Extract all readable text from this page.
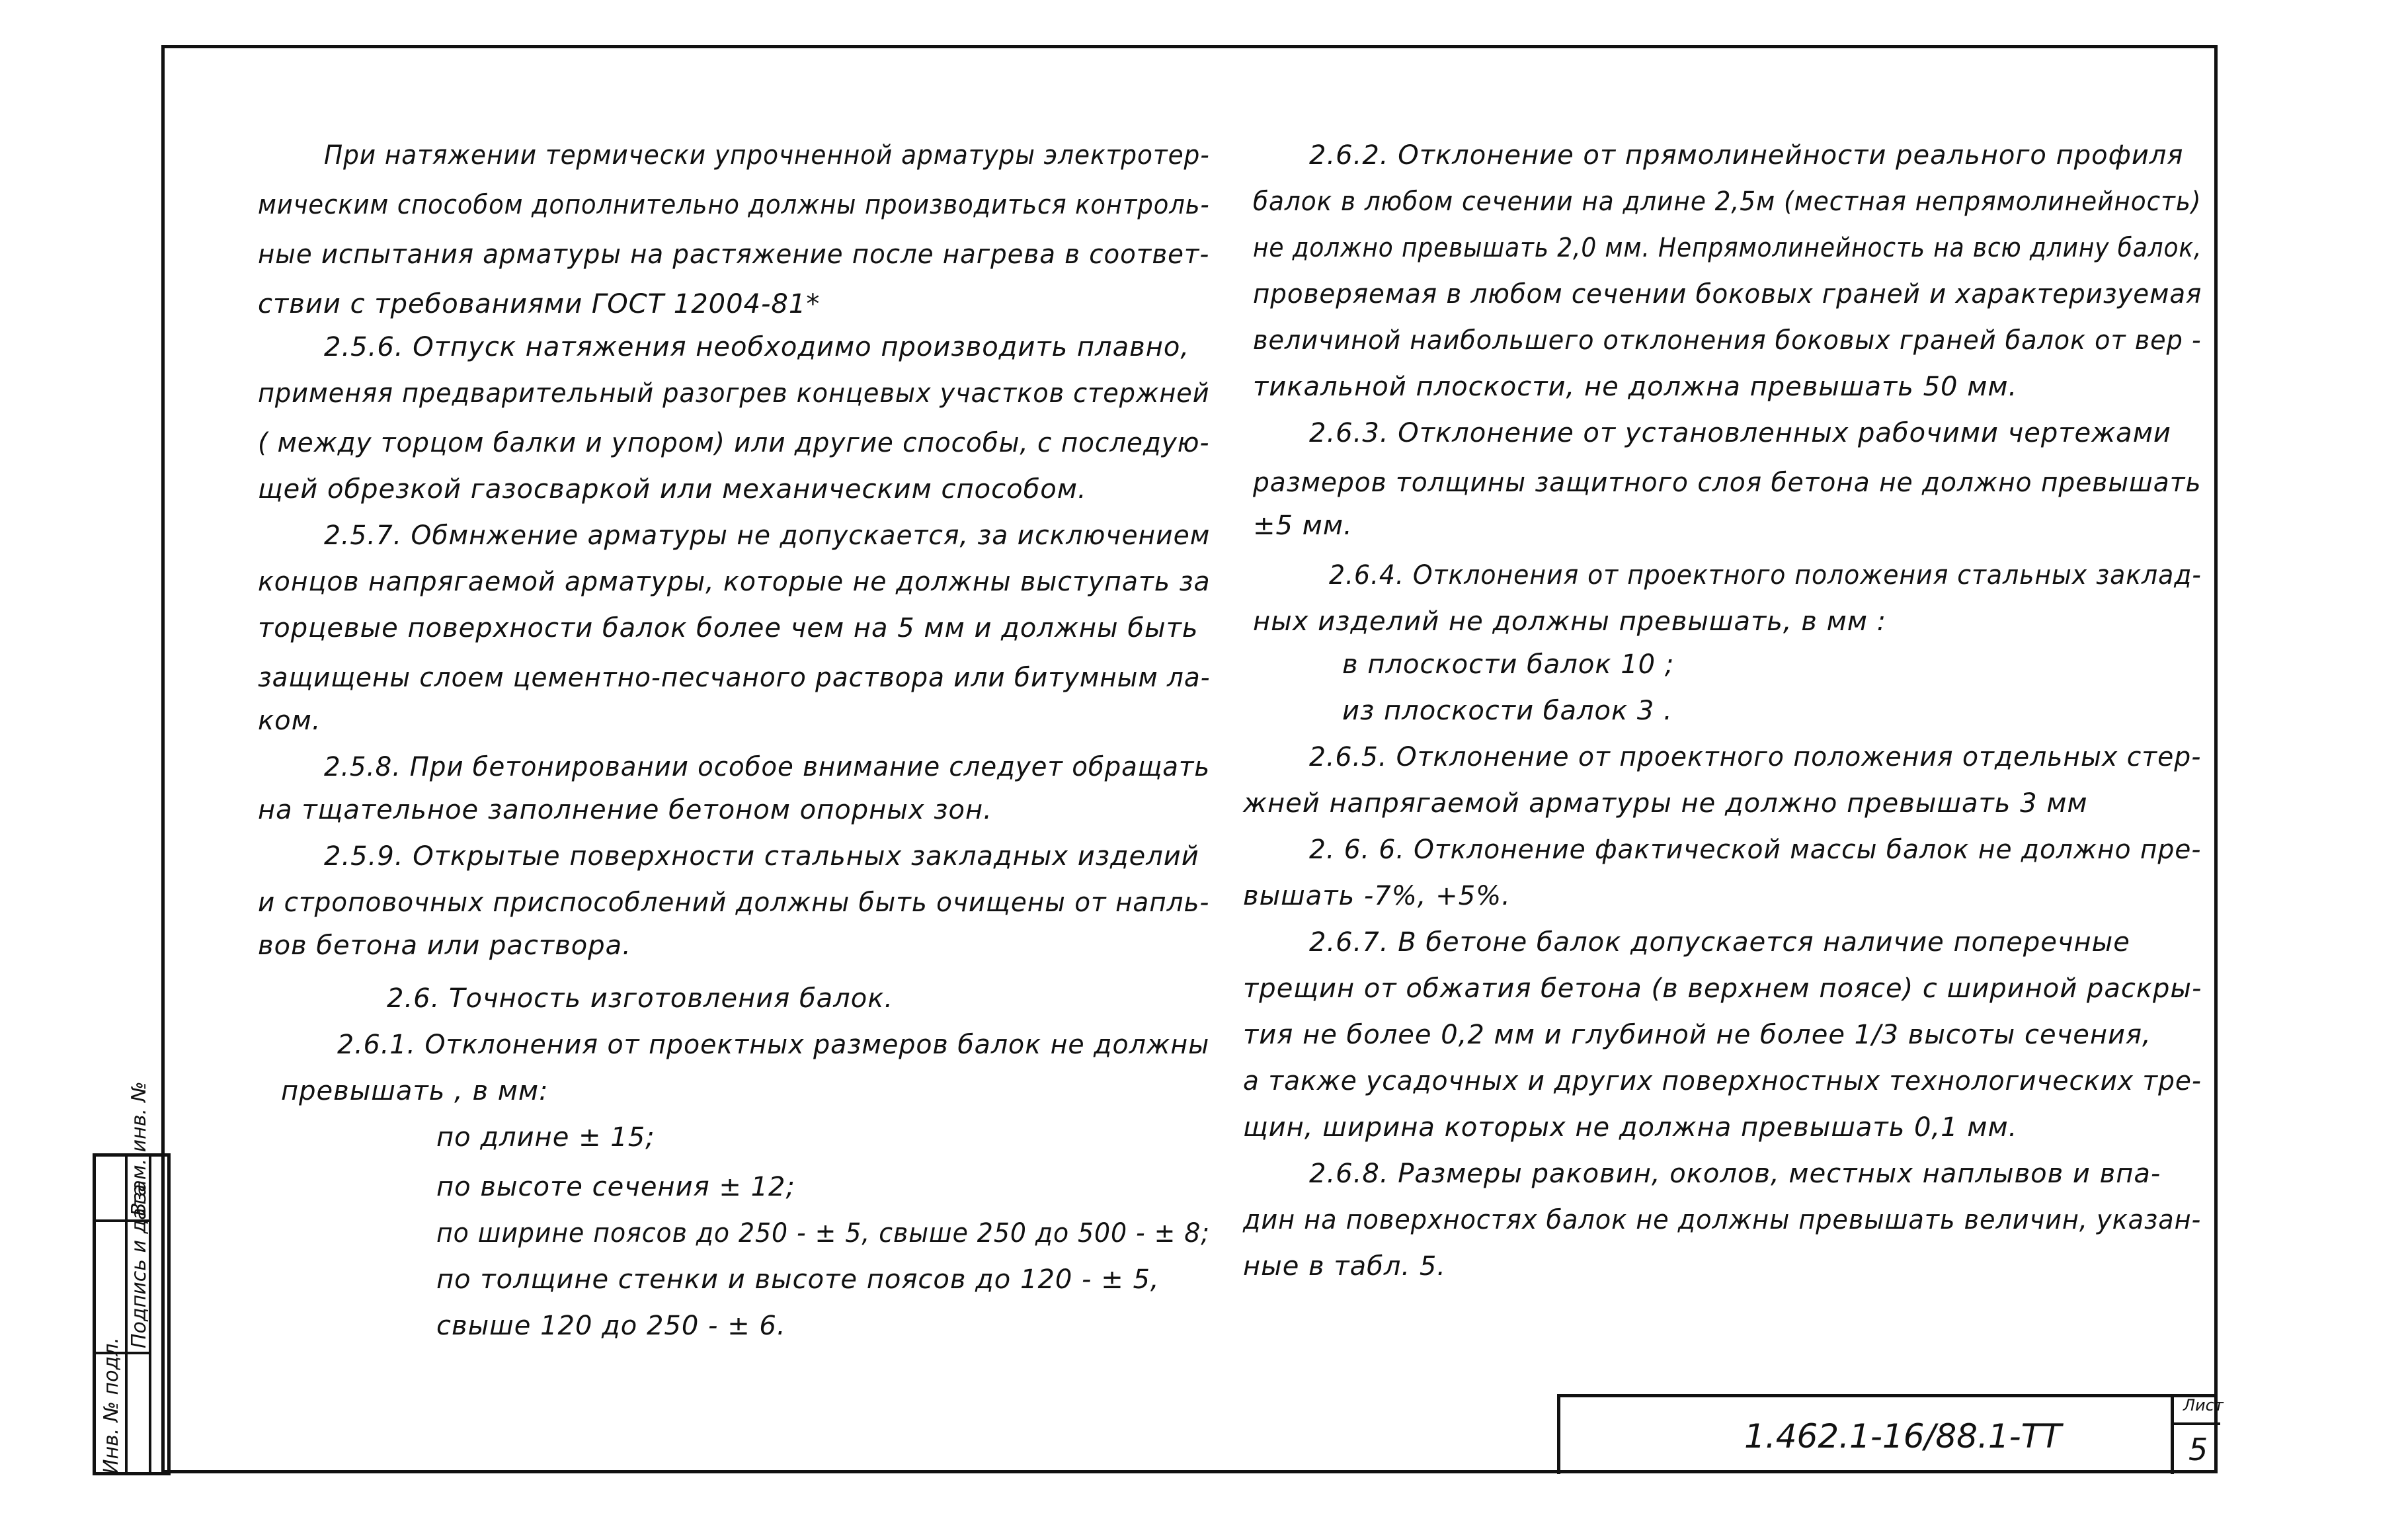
Инв. № подл.
Подпись и дата
Взам. инв. №
При натяжении термически упрочненной арматуры электротер-
мическим способом дополнительно должны производиться контроль-
ные испытания арматуры на растяжение после нагрева в соответ-
ствии с требованиями ГОСТ 12004-81*
2.5.6. Отпуск натяжения необходимо производить плавно,
применяя предварительный разогрев концевых участков стержней
( между торцом балки и упором) или другие способы, с последую-
щей обрезкой газосваркой или механическим способом.
2.5.7. Обмнжение арматуры не допускается, за исключением
концов напрягаемой арматуры, которые не должны выступать за
торцевые поверхности балок более чем на 5 мм и должны быть
защищены слоем цементно-песчаного раствора или битумным ла-
ком.
2.5.8. При бетонировании особое внимание следует обращать
на тщательное заполнение бетоном опорных зон.
2.5.9. Открытые поверхности стальных закладных изделий
и строповочных приспособлений должны быть очищены от напль-
вов бетона или раствора.
2.6. Точность изготовления балок.
2.6.1. Отклонения от проектных размеров балок не должны
превышать , в мм:
по длине ± 15;
по высоте сечения ± 12;
по ширине поясов до 250 - ± 5, свыше 250 до 500 - ± 8;
по толщине стенки и высоте поясов до 120 - ± 5,
свыше 120 до 250 - ± 6.
2.6.2. Отклонение от прямолинейности реального профиля
балок в любом сечении на длине 2,5м (местная непрямолинейность)
не должно превышать 2,0 мм. Непрямолинейность на всю длину балок,
проверяемая в любом сечении боковых граней и характеризуемая
величиной наибольшего отклонения боковых граней балок от вер -
тикальной плоскости, не должна превышать 50 мм.
2.6.3. Отклонение от установленных рабочими чертежами
размеров толщины защитного слоя бетона не должно превышать
±5 мм.
2.6.4. Отклонения от проектного положения стальных заклад-
ных изделий не должны превышать, в мм :
в плоскости балок 10 ;
из плоскости балок 3 .
2.6.5. Отклонение от проектного положения отдельных стер-
жней напрягаемой арматуры не должно превышать 3 мм
2. 6. 6. Отклонение фактической массы балок не должно пре-
вышать -7%, +5%.
2.6.7. В бетоне балок допускается наличие поперечные
трещин от обжатия бетона (в верхнем поясе) с шириной раскры-
тия не более 0,2 мм и глубиной не более 1/3 высоты сечения,
а также усадочных и других поверхностных технологических тре-
щин, ширина которых не должна превышать 0,1 мм.
2.6.8. Размеры раковин, околов, местных наплывов и впа-
дин на поверхностях балок не должны превышать величин, указан-
ные в табл. 5.
1.462.1-16/88.1-ТТ
Лист
5
